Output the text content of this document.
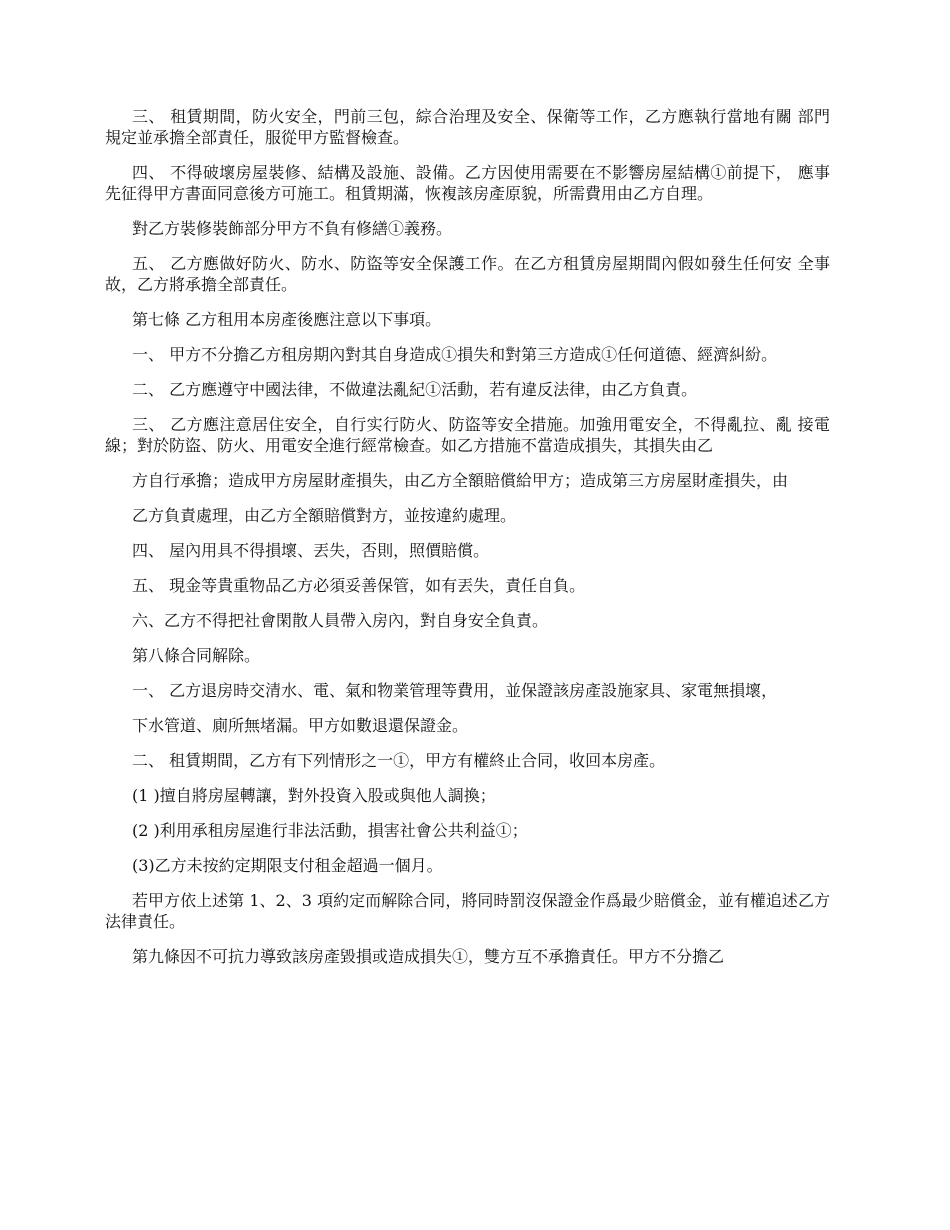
三、 租賃期間，防火安全，門前三包，綜合治理及安全、保衛等工作，乙方應執行當地有關 部門規定並承擔全部責任，服從甲方監督檢查。

四、 不得破壞房屋裝修、結構及設施、設備。乙方因使用需要在不影響房屋結構①前提下， 應事先征得甲方書面同意後方可施工。租賃期滿，恢複該房產原貌，所需費用由乙方自理。

對乙方裝修裝飾部分甲方不負有修繕①義務。

五、 乙方應做好防火、防水、防盜等安全保護工作。在乙方租賃房屋期間內假如發生任何安 全事故，乙方將承擔全部責任。

第七條 乙方租用本房產後應注意以下事項。

一、 甲方不分擔乙方租房期內對其自身造成①損失和對第三方造成①任何道德、經濟糾紛。

二、 乙方應遵守中國法律，不做違法亂紀①活動，若有違反法律，由乙方負責。

三、 乙方應注意居住安全，自行实行防火、防盜等安全措施。加強用電安全，不得亂拉、亂 接電線；對於防盜、防火、用電安全進行經常檢查。如乙方措施不當造成損失，其損失由乙

方自行承擔；造成甲方房屋財產損失，由乙方全額賠償給甲方；造成第三方房屋財產損失，由

乙方負責處理，由乙方全額賠償對方，並按違約處理。

四、 屋內用具不得損壞、丟失，否則，照價賠償。

五、 現金等貴重物品乙方必須妥善保管，如有丟失，責任自負。

六、乙方不得把社會閑散人員帶入房內，對自身安全負責。

第八條合同解除。

一、 乙方退房時交清水、電、氣和物業管理等費用，並保證該房產設施家具、家電無損壞，

下水管道、廁所無堵漏。甲方如數退還保證金。

二、 租賃期間，乙方有下列情形之一①，甲方有權終止合同，收回本房產。

(1 )擅自將房屋轉讓，對外投資入股或與他人調換；

(2 )利用承租房屋進行非法活動，損害社會公共利益①；

(3)乙方未按約定期限支付租金超過一個月。

若甲方依上述第 1、2、3 項約定而解除合同，將同時罰沒保證金作爲最少賠償金，並有權追述乙方法律責任。

第九條因不可抗力導致該房產毀損或造成損失①，雙方互不承擔責任。甲方不分擔乙
